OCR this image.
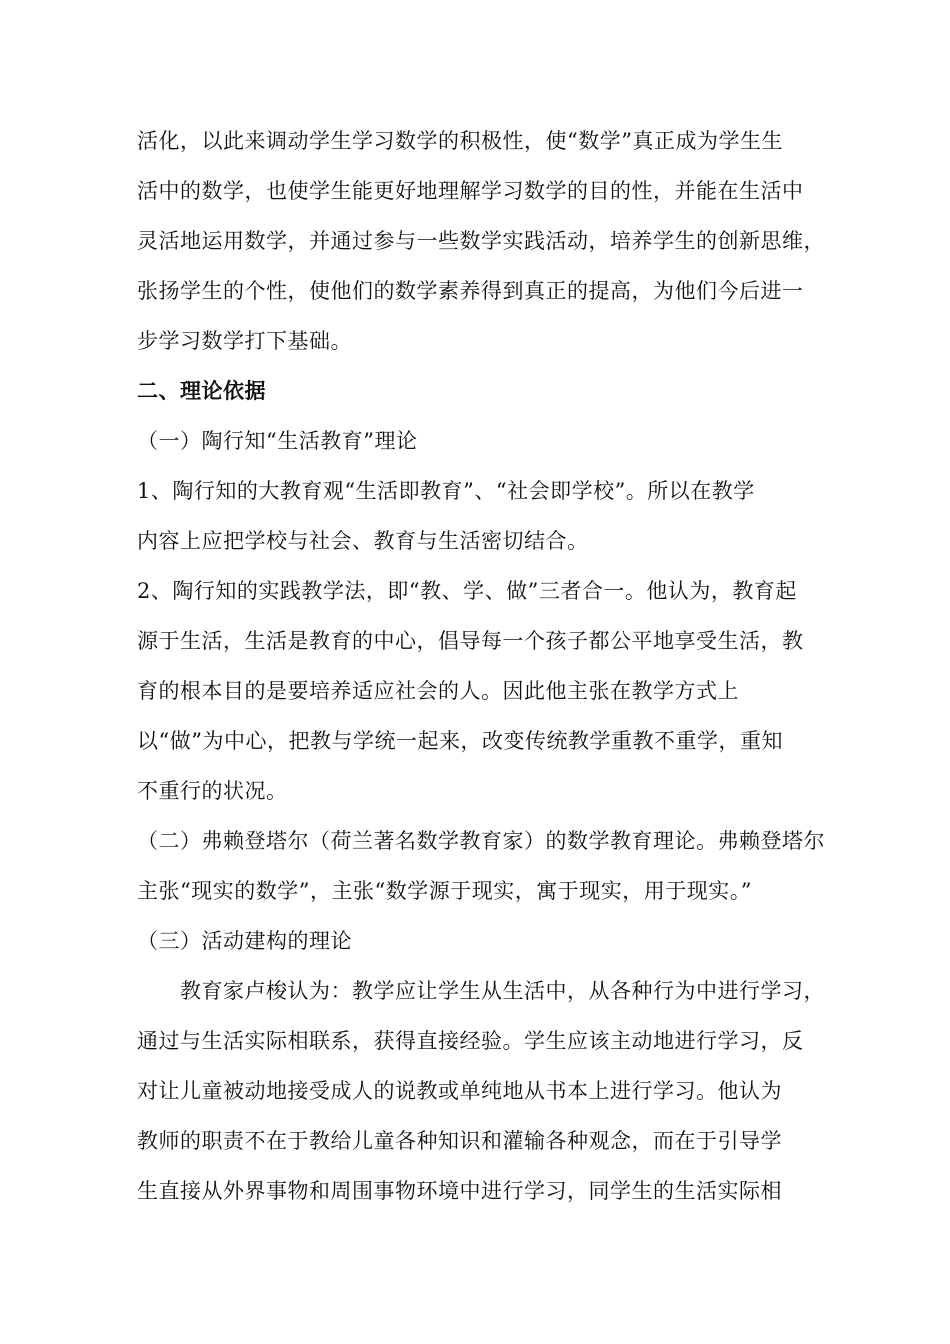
活化，以此来调动学生学习数学的积极性，使“数学”真正成为学生生
活中的数学，也使学生能更好地理解学习数学的目的性，并能在生活中
灵活地运用数学，并通过参与一些数学实践活动，培养学生的创新思维，
张扬学生的个性，使他们的数学素养得到真正的提高，为他们今后进一
步学习数学打下基础。
二、理论依据
（一）陶行知“生活教育”理论
1、陶行知的大教育观“生活即教育”、“社会即学校”。所以在教学
内容上应把学校与社会、教育与生活密切结合。
2、陶行知的实践教学法，即“教、学、做”三者合一。他认为，教育起
源于生活，生活是教育的中心，倡导每一个孩子都公平地享受生活，教
育的根本目的是要培养适应社会的人。因此他主张在教学方式上
以“做”为中心，把教与学统一起来，改变传统教学重教不重学，重知
不重行的状况。
（二）弗赖登塔尔（荷兰著名数学教育家）的数学教育理论。弗赖登塔尔
主张“现实的数学”，主张“数学源于现实，寓于现实，用于现实。”
（三）活动建构的理论
　　教育家卢梭认为：教学应让学生从生活中，从各种行为中进行学习，
通过与生活实际相联系，获得直接经验。学生应该主动地进行学习，反
对让儿童被动地接受成人的说教或单纯地从书本上进行学习。他认为
教师的职责不在于教给儿童各种知识和灌输各种观念，而在于引导学
生直接从外界事物和周围事物环境中进行学习，同学生的生活实际相
